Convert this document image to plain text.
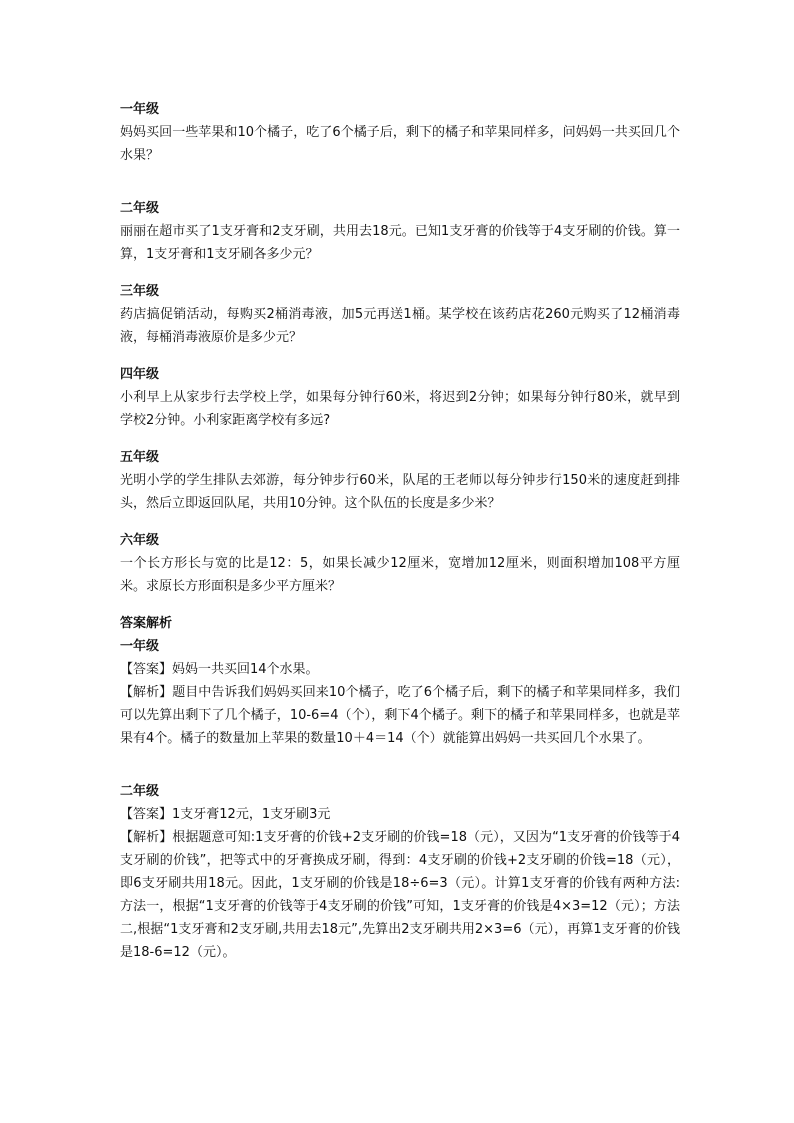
一年级
妈妈买回一些苹果和10个橘子，吃了6个橘子后，剩下的橘子和苹果同样多，问妈妈一共买回几个水果？
二年级
丽丽在超市买了1支牙膏和2支牙刷，共用去18元。已知1支牙膏的价钱等于4支牙刷的价钱。算一算，1支牙膏和1支牙刷各多少元？
三年级
药店搞促销活动，每购买2桶消毒液，加5元再送1桶。某学校在该药店花260元购买了12桶消毒液，每桶消毒液原价是多少元？
四年级
小利早上从家步行去学校上学，如果每分钟行60米，将迟到2分钟；如果每分钟行80米，就早到学校2分钟。小利家距离学校有多远?
五年级
光明小学的学生排队去郊游，每分钟步行60米，队尾的王老师以每分钟步行150米的速度赶到排头，然后立即返回队尾，共用10分钟。这个队伍的长度是多少米？
六年级
一个长方形长与宽的比是12：5，如果长减少12厘米，宽增加12厘米，则面积增加108平方厘米。求原长方形面积是多少平方厘米？
答案解析
一年级
【答案】妈妈一共买回14个水果。
【解析】题目中告诉我们妈妈买回来10个橘子，吃了6个橘子后，剩下的橘子和苹果同样多，我们可以先算出剩下了几个橘子，10-6=4（个），剩下4个橘子。剩下的橘子和苹果同样多，也就是苹果有4个。橘子的数量加上苹果的数量10＋4＝14（个）就能算出妈妈一共买回几个水果了。
二年级
【答案】1支牙膏12元，1支牙刷3元
【解析】根据题意可知:1支牙膏的价钱+2支牙刷的价钱=18（元），又因为“1支牙膏的价钱等于4支牙刷的价钱”，把等式中的牙膏换成牙刷，得到：4支牙刷的价钱+2支牙刷的价钱=18（元），即6支牙刷共用18元。因此，1支牙刷的价钱是18÷6=3（元）。计算1支牙膏的价钱有两种方法:方法一，根据“1支牙膏的价钱等于4支牙刷的价钱”可知，1支牙膏的价钱是4×3=12（元）；方法二,根据“1支牙膏和2支牙刷,共用去18元”,先算出2支牙刷共用2×3=6（元），再算1支牙膏的价钱是18-6=12（元）。
